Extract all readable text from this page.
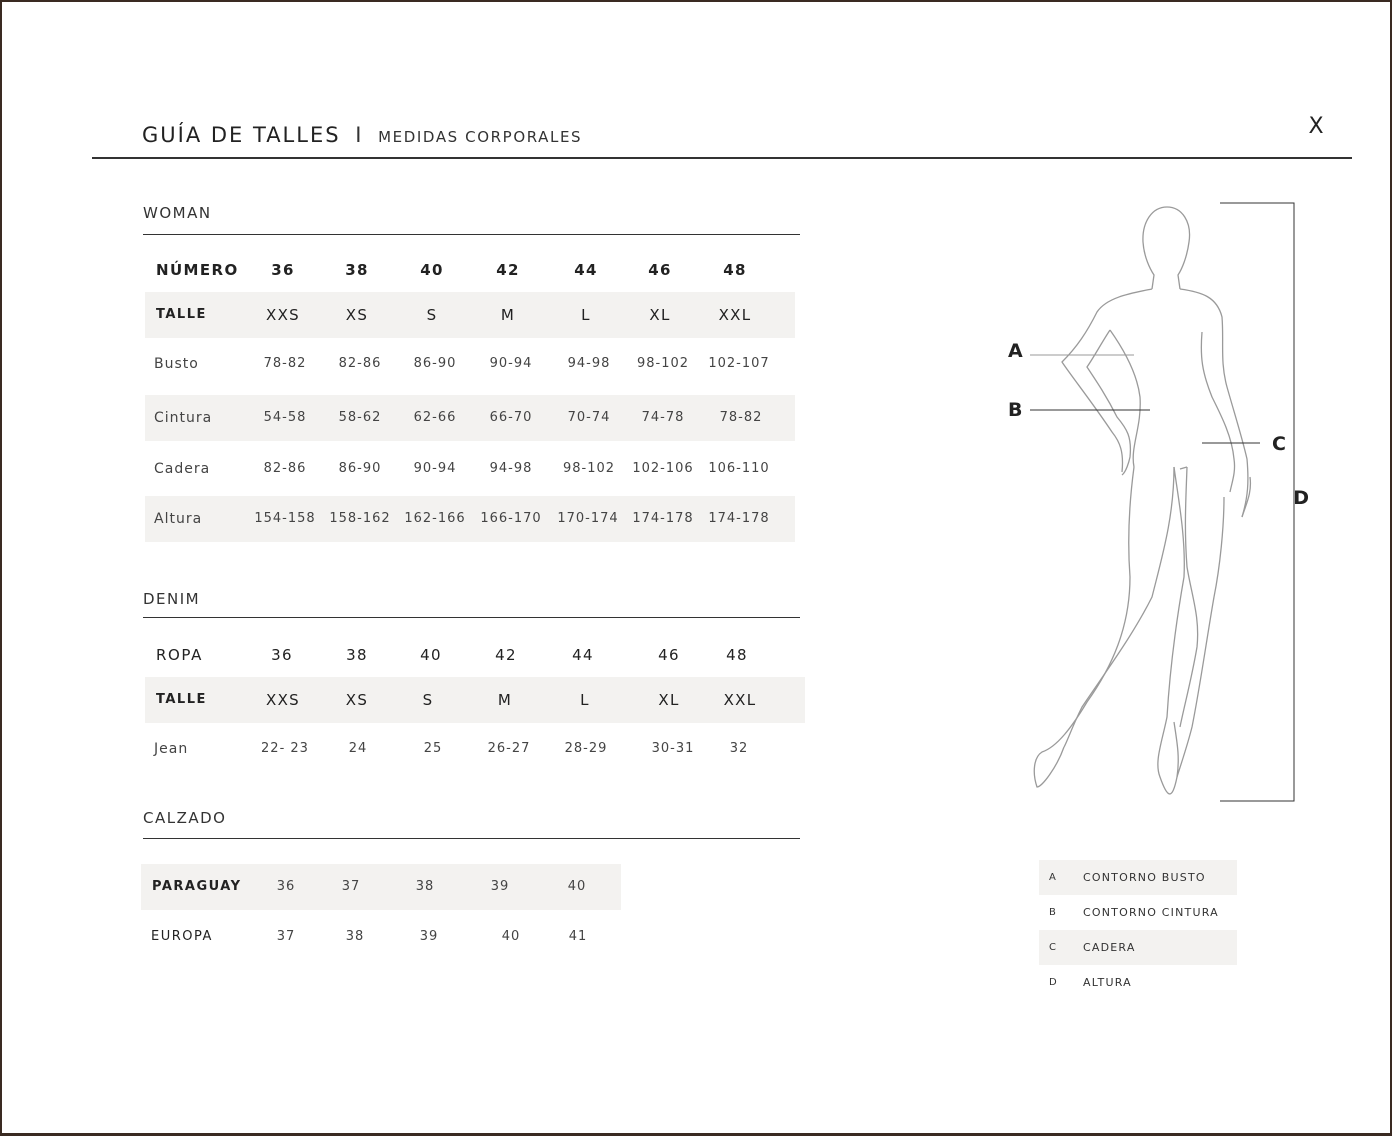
GUÍA DE TALLES I MEDIDAS CORPORALES	X
WOMAN
NÚMERO 36	38	40	42	44	46	48
TALLE	XXS	XS	S	M	L	XL	XXL
Busto	78-82 82-86 86-90	90-94	94-98 98-102 102-107
Cintura	54-58 58-62 62-66	66-70	70-74 74-78	78-82
Cadera	82-86 86-90 90-94	94-98 98-102 102-106 106-110
Altura	154-158 158-162 162-166 166-170 170-174 174-178 174-178
DENIM
ROPA	36	38	40	42	44	46	48
TALLE	XXS	XS	S	M	L	XL	XXL
Jean	22- 23	24	25	26-27	28-29	30-31	32
CALZADO
PARAGUAY	36	37	38	39	40
EUROPA	37	38	39	40	41
A
B
C
D
A CONTORNO BUSTO
B CONTORNO CINTURA
C CADERA
D ALTURA
